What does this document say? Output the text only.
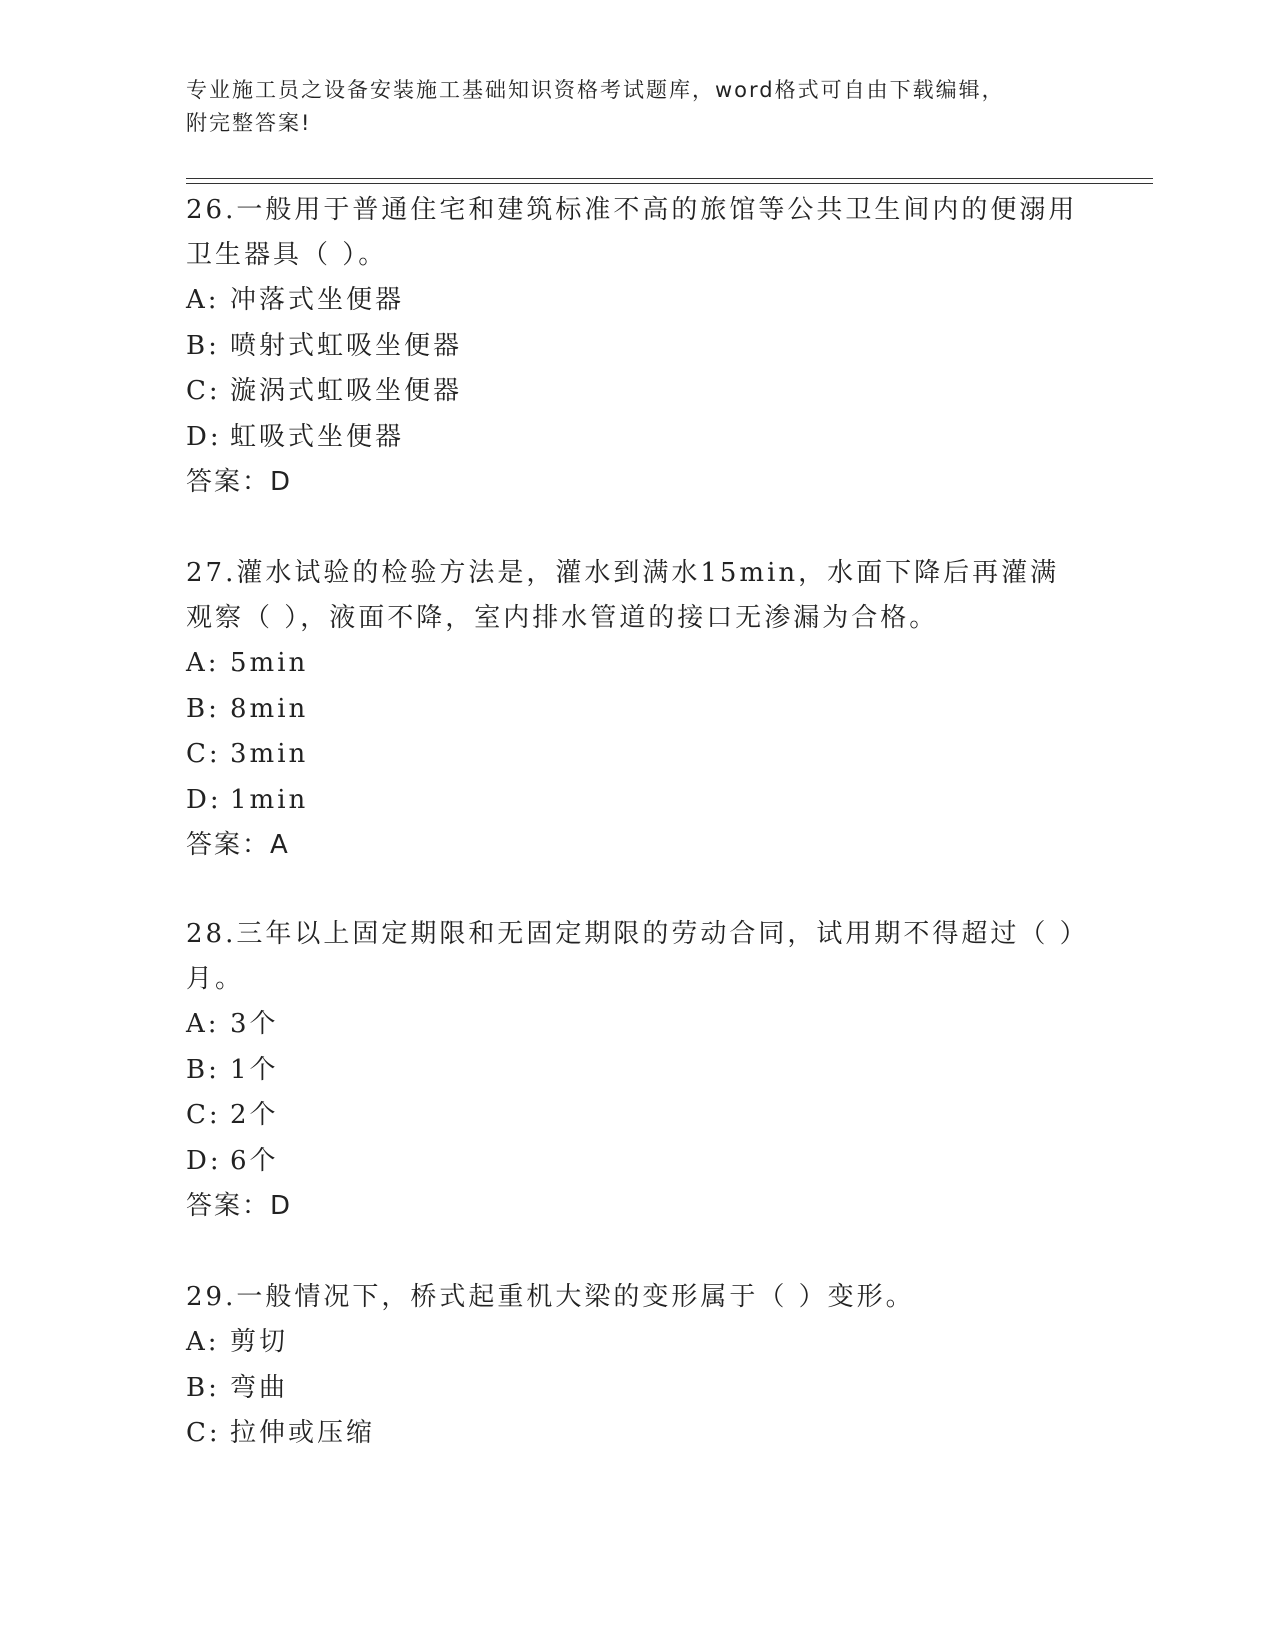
专业施工员之设备安装施工基础知识资格考试题库，word格式可自由下载编辑，
附完整答案!

26.一般用于普通住宅和建筑标准不高的旅馆等公共卫生间内的便溺用卫生器具（ ）。

A: 冲落式坐便器

B: 喷射式虹吸坐便器

C: 漩涡式虹吸坐便器

D: 虹吸式坐便器

答案：D

27.灌水试验的检验方法是，灌水到满水15min，水面下降后再灌满观察（ ），液面不降，室内排水管道的接口无渗漏为合格。

A: 5min

B: 8min

C: 3min

D: 1min

答案：A

28.三年以上固定期限和无固定期限的劳动合同，试用期不得超过（ ）月。

A: 3个

B: 1个

C: 2个

D: 6个

答案：D

29.一般情况下，桥式起重机大梁的变形属于（ ）变形。

A: 剪切

B: 弯曲

C: 拉伸或压缩
